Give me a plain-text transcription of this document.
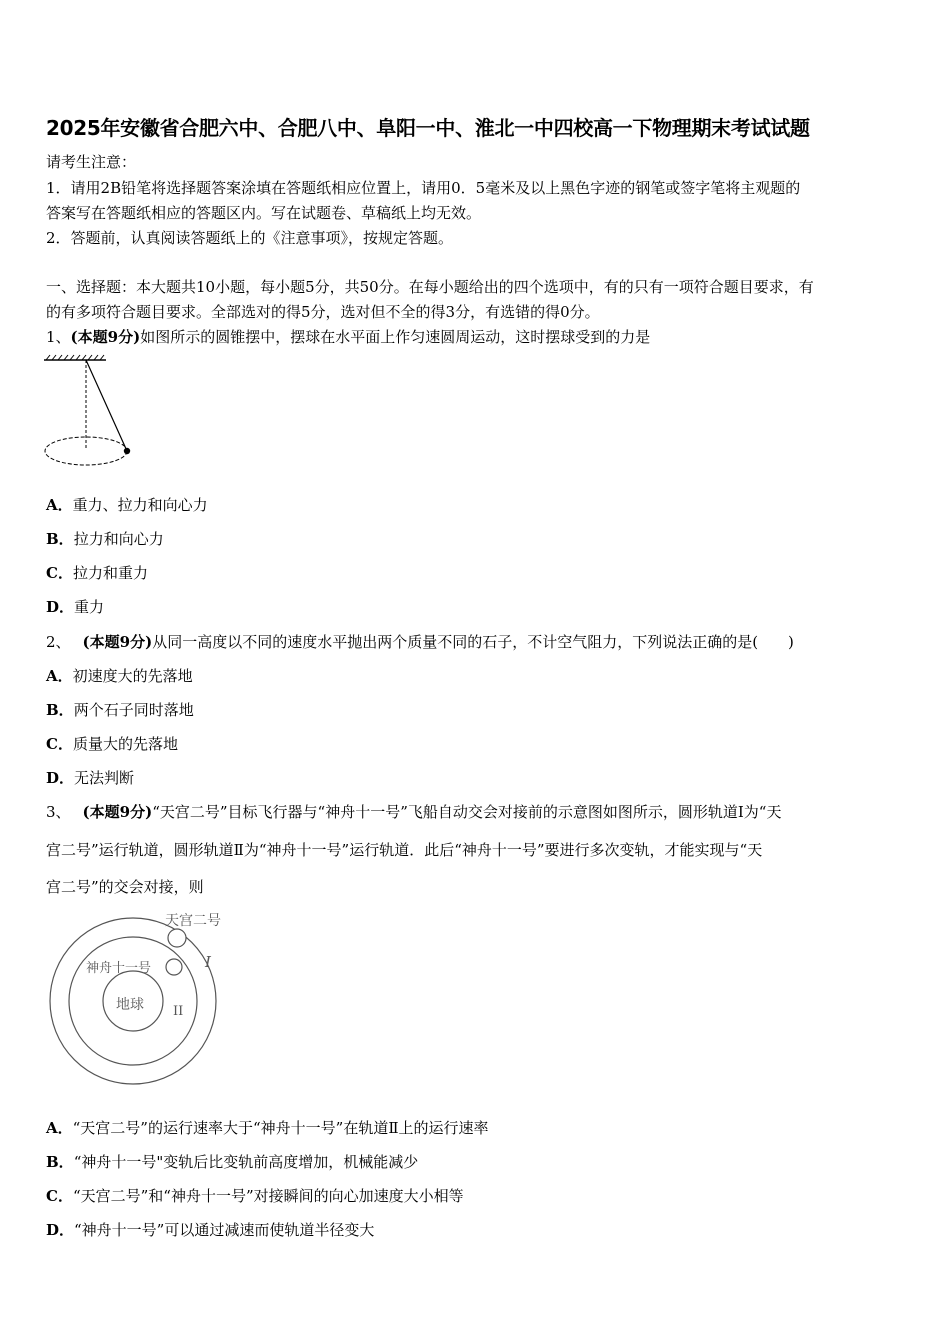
2025年安徽省合肥六中、合肥八中、阜阳一中、淮北一中四校高一下物理期末考试试题
请考生注意：
1．请用2B铅笔将选择题答案涂填在答题纸相应位置上，请用0．5毫米及以上黑色字迹的钢笔或签字笔将主观题的
答案写在答题纸相应的答题区内。写在试题卷、草稿纸上均无效。
2．答题前，认真阅读答题纸上的《注意事项》，按规定答题。
一、选择题：本大题共10小题，每小题5分，共50分。在每小题给出的四个选项中，有的只有一项符合题目要求，有
的有多项符合题目要求。全部选对的得5分，选对但不全的得3分，有选错的得0分。
1、(本题9分)如图所示的圆锥摆中，摆球在水平面上作匀速圆周运动，这时摆球受到的力是
A．重力、拉力和向心力
B．拉力和向心力
C．拉力和重力
D．重力
2、 (本题9分)从同一高度以不同的速度水平抛出两个质量不同的石子，不计空气阻力，下列说法正确的是(　　)
A．初速度大的先落地
B．两个石子同时落地
C．质量大的先落地
D．无法判断
3、 (本题9分)“天宫二号”目标飞行器与“神舟十一号”飞船自动交会对接前的示意图如图所示，圆形轨道Ⅰ为“天
宫二号”运行轨道，圆形轨道Ⅱ为“神舟十一号”运行轨道．此后“神舟十一号”要进行多次变轨，才能实现与“天
宫二号”的交会对接，则
天宫二号
神舟十一号
地球
I
II
A．“天宫二号”的运行速率大于“神舟十一号”在轨道Ⅱ上的运行速率
B．“神舟十一号"变轨后比变轨前高度增加，机械能减少
C．“天宫二号”和“神舟十一号”对接瞬间的向心加速度大小相等
D．“神舟十一号”可以通过减速而使轨道半径变大
